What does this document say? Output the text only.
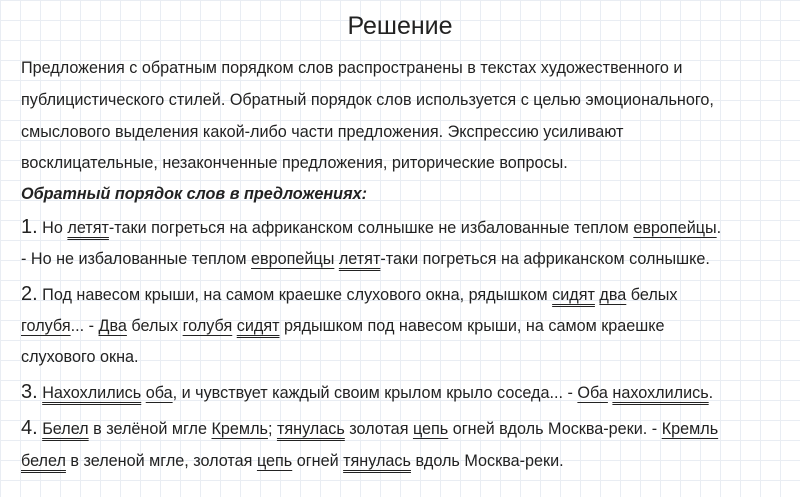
Решение
Предложения с обратным порядком слов распространены в текстах художественного и
публицистического стилей. Обратный порядок слов используется с целью эмоционального,
смыслового выделения какой-либо части предложения. Экспрессию усиливают
восклицательные, незаконченные предложения, риторические вопросы.
Обратный порядок слов в предложениях:
1. Но летят-таки погреться на африканском солнышке не избалованные теплом европейцы.
- Но не избалованные теплом европейцы летят-таки погреться на африканском солнышке.
2. Под навесом крыши, на самом краешке слухового окна, рядышком сидят два белых
голубя... - Два белых голубя сидят рядышком под навесом крыши, на самом краешке
слухового окна.
3. Нахохлились оба, и чувствует каждый своим крылом крыло соседа... - Оба нахохлились.
4. Белел в зелёной мгле Кремль; тянулась золотая цепь огней вдоль Москва-реки. - Кремль
белел в зеленой мгле, золотая цепь огней тянулась вдоль Москва-реки.
